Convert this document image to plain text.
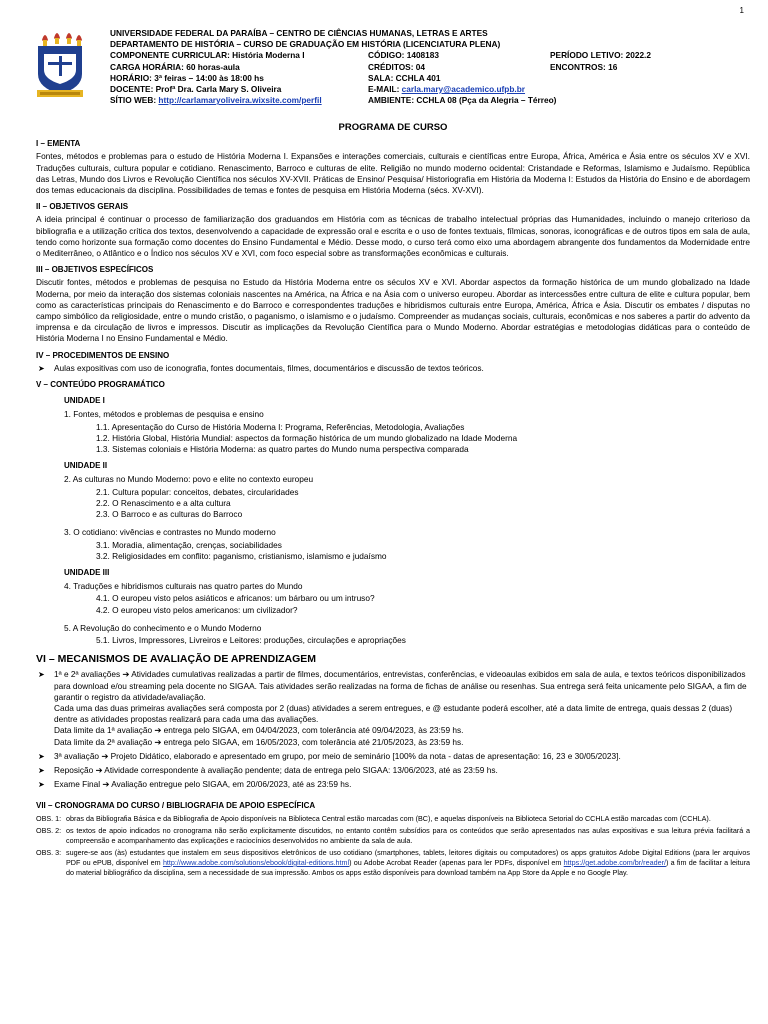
1
UNIVERSIDADE FEDERAL DA PARAÍBA – CENTRO DE CIÊNCIAS HUMANAS, LETRAS E ARTES
DEPARTAMENTO DE HISTÓRIA – CURSO DE GRADUAÇÃO EM HISTÓRIA (LICENCIATURA PLENA)
COMPONENTE CURRICULAR: História Moderna I	CÓDIGO: 1408183	PERÍODO LETIVO: 2022.2
CARGA HORÁRIA: 60 horas-aula	CRÉDITOS: 04	ENCONTROS: 16
HORÁRIO: 3ª feiras – 14:00 às 18:00 hs	SALA: CCHLA 401
DOCENTE: Profª Dra. Carla Mary S. Oliveira	E-MAIL: carla.mary@academico.ufpb.br
SÍTIO WEB: http://carlamaryoliveira.wixsite.com/perfil	AMBIENTE: CCHLA 08 (Pça da Alegria – Térreo)
PROGRAMA DE CURSO
I – EMENTA

Fontes, métodos e problemas para o estudo de História Moderna I. Expansões e interações comerciais, culturais e científicas entre Europa, África, América e Ásia entre os séculos XV e XVI. Traduções culturais, cultura popular e cotidiano. Renascimento, Barroco e culturas de elite. Religião no mundo moderno ocidental: Cristandade e Reformas, Islamismo e Judaísmo. República das Letras, Mundo dos Livros e Revolução Científica nos séculos XV-XVII. Práticas de Ensino/ Pesquisa/ Historiografia em História da Moderna I: Estudos da História do Ensino e de abordagem dos temas educacionais da disciplina. Possibilidades de temas e fontes de pesquisa em História Moderna (sécs. XV-XVI).

II – OBJETIVOS GERAIS

A ideia principal é continuar o processo de familiarização dos graduandos em História com as técnicas de trabalho intelectual próprias das Humanidades, incluindo o manejo criterioso da bibliografia e a utilização crítica dos textos, desenvolvendo a capacidade de expressão oral e escrita e o uso de fontes textuais, fílmicas, sonoras, iconográficas e de outros tipos em sala de aula, tendo como horizonte sua formação como docentes do Ensino Fundamental e Médio. Desse modo, o curso terá como eixo uma abordagem abrangente dos fundamentos da Modernidade entre o Mediterrâneo, o Atlântico e o Índico nos séculos XV e XVI, com foco especial sobre as transformações econômicas e culturais.

III – OBJETIVOS ESPECÍFICOS

Discutir fontes, métodos e problemas de pesquisa no Estudo da História Moderna entre os séculos XV e XVI. Abordar aspectos da formação histórica de um mundo globalizado na Idade Moderna, por meio da interação dos sistemas coloniais nascentes na América, na África e na Ásia com o universo europeu. Abordar as intercessões entre cultura de elite e cultura popular, bem como as características principais do Renascimento e do Barroco e correspondentes traduções e hibridismos culturais entre Europa, América, África e Ásia. Discutir os embates / disputas no campo simbólico da religiosidade, entre o mundo cristão, o paganismo, o islamismo e o judaísmo. Compreender as mudanças sociais, culturais, econômicas e nos saberes a partir do advento da imprensa e da circulação de livros e impressos. Discutir as implicações da Revolução Científica para o Mundo Moderno. Abordar estratégias e metodologias didáticas para o conteúdo de História Moderna I no Ensino Fundamental e Médio.

IV – PROCEDIMENTOS DE ENSINO
➤ Aulas expositivas com uso de iconografia, fontes documentais, filmes, documentários e discussão de textos teóricos.
V – CONTEÚDO PROGRAMÁTICO
UNIDADE I
1. Fontes, métodos e problemas de pesquisa e ensino
1.1. Apresentação do Curso de História Moderna I: Programa, Referências, Metodologia, Avaliações
1.2. História Global, História Mundial: aspectos da formação histórica de um mundo globalizado na Idade Moderna
1.3. Sistemas coloniais e História Moderna: as quatro partes do Mundo numa perspectiva comparada
UNIDADE II
2. As culturas no Mundo Moderno: povo e elite no contexto europeu
2.1. Cultura popular: conceitos, debates, circularidades
2.2. O Renascimento e a alta cultura
2.3. O Barroco e as culturas do Barroco
3. O cotidiano: vivências e contrastes no Mundo moderno
3.1. Moradia, alimentação, crenças, sociabilidades
3.2. Religiosidades em conflito: paganismo, cristianismo, islamismo e judaísmo
UNIDADE III
4. Traduções e hibridismos culturais nas quatro partes do Mundo
4.1. O europeu visto pelos asiáticos e africanos: um bárbaro ou um intruso?
4.2. O europeu visto pelos americanos: um civilizador?
5. A Revolução do conhecimento e o Mundo Moderno
5.1. Livros, Impressores, Livreiros e Leitores: produções, circulações e apropriações
VI – MECANISMOS DE AVALIAÇÃO DE APRENDIZAGEM
➤ 1ª e 2ª avaliações ➔ Atividades cumulativas realizadas a partir de filmes, documentários, entrevistas, conferências, e videoaulas exibidos em sala de aula, e textos teóricos disponibilizados para download e/ou streaming pela docente no SIGAA. Tais atividades serão realizadas na forma de fichas de análise ou resenhas. Sua entrega será feita unicamente pelo SIGAA, a fim de garantir o registro da atividade/avaliação.
Cada uma das duas primeiras avaliações será composta por 2 (duas) atividades a serem entregues, e @ estudante poderá escolher, até a data limite de entrega, quais dessas 2 (duas) dentre as atividades propostas realizará para cada uma das avaliações.
Data limite da 1ª avaliação ➔ entrega pelo SIGAA, em 04/04/2023, com tolerância até 09/04/2023, às 23:59 hs.
Data limite da 2ª avaliação ➔ entrega pelo SIGAA, em 16/05/2023, com tolerância até 21/05/2023, às 23:59 hs.
➤ 3ª avaliação ➔ Projeto Didático, elaborado e apresentado em grupo, por meio de seminário [100% da nota - datas de apresentação: 16, 23 e 30/05/2023].
➤ Reposição ➔ Atividade correspondente à avaliação pendente; data de entrega pelo SIGAA: 13/06/2023, até as 23:59 hs.
➤ Exame Final ➔ Avaliação entregue pelo SIGAA, em 20/06/2023, até as 23:59 hs.
VII – CRONOGRAMA DO CURSO / BIBLIOGRAFIA DE APOIO ESPECÍFICA
OBS. 1: obras da Bibliografia Básica e da Bibliografia de Apoio disponíveis na Biblioteca Central estão marcadas com (BC), e aquelas disponíveis na Biblioteca Setorial do CCHLA estão marcadas com (CCHLA).
OBS. 2: os textos de apoio indicados no cronograma não serão explicitamente discutidos, no entanto contêm subsídios para os conteúdos que serão apresentados nas aulas expositivas e sua leitura prévia facilitará a compreensão e acompanhamento das explicações e raciocínios desenvolvidos no ambiente da sala de aula.
OBS. 3: sugere-se aos (às) estudantes que instalem em seus dispositivos eletrônicos de uso cotidiano (smartphones, tablets, leitores digitais ou computadores) os apps gratuitos Adobe Digital Editions (para ler arquivos PDF ou ePUB, disponível em http://www.adobe.com/solutions/ebook/digital-editions.html) ou Adobe Acrobat Reader (apenas para ler PDFs, disponível em https://get.adobe.com/br/reader/) a fim de facilitar a leitura do material bibliográfico da disciplina, sem a necessidade de sua impressão. Ambos os apps estão disponíveis para download também na App Store da Apple e no Google Play.
